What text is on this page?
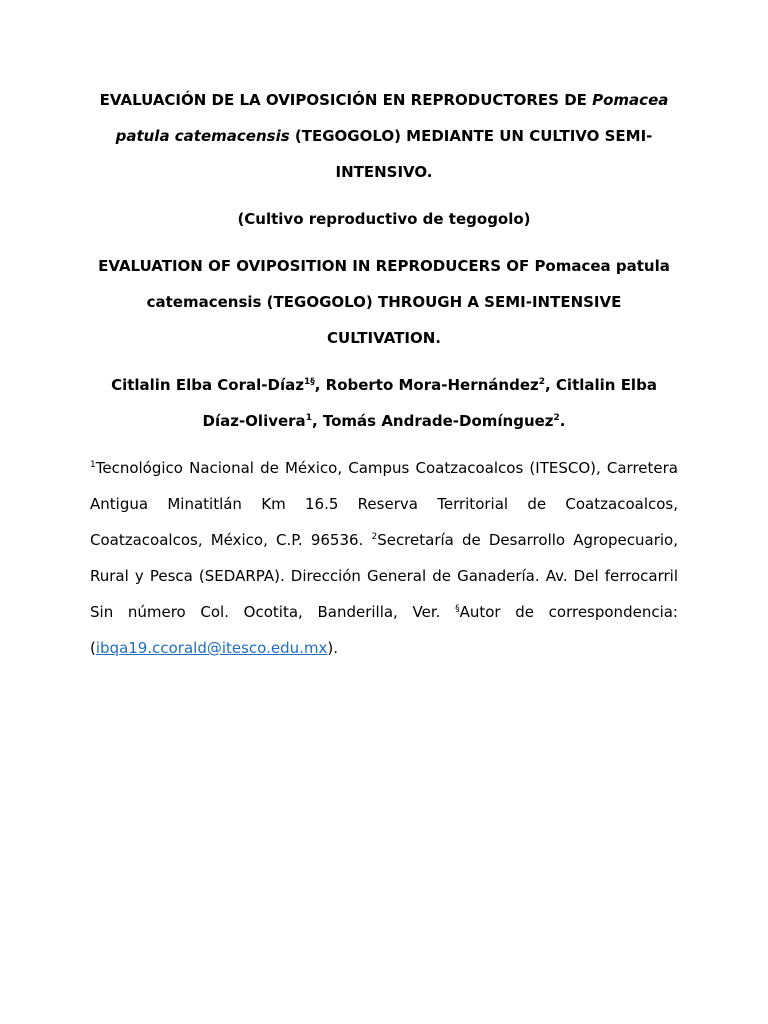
EVALUACIÓN DE LA OVIPOSICIÓN EN REPRODUCTORES DE Pomacea patula catemacensis (TEGOGOLO) MEDIANTE UN CULTIVO SEMI-INTENSIVO.

(Cultivo reproductivo de tegogolo)
EVALUATION OF OVIPOSITION IN REPRODUCERS OF Pomacea patula catemacensis (TEGOGOLO) THROUGH A SEMI-INTENSIVE CULTIVATION.
Citlalin Elba Coral-Díaz$^{1\S}$, Roberto Mora-Hernández$^2$, Citlalin Elba Díaz-Olivera$^1$, Tomás Andrade-Domínguez$^2$.
$^1$Tecnológico Nacional de México, Campus Coatzacoalcos (ITESCO), Carretera Antigua Minatitlán Km 16.5 Reserva Territorial de Coatzacoalcos, Coatzacoalcos, México, C.P. 96536. $^2$Secretaría de Desarrollo Agropecuario, Rural y Pesca (SEDARPA). Dirección General de Ganadería. Av. Del ferrocarril Sin número Col. Ocotita, Banderilla, Ver. §Autor de correspondencia: (ibqa19.ccorald@itesco.edu.mx).
